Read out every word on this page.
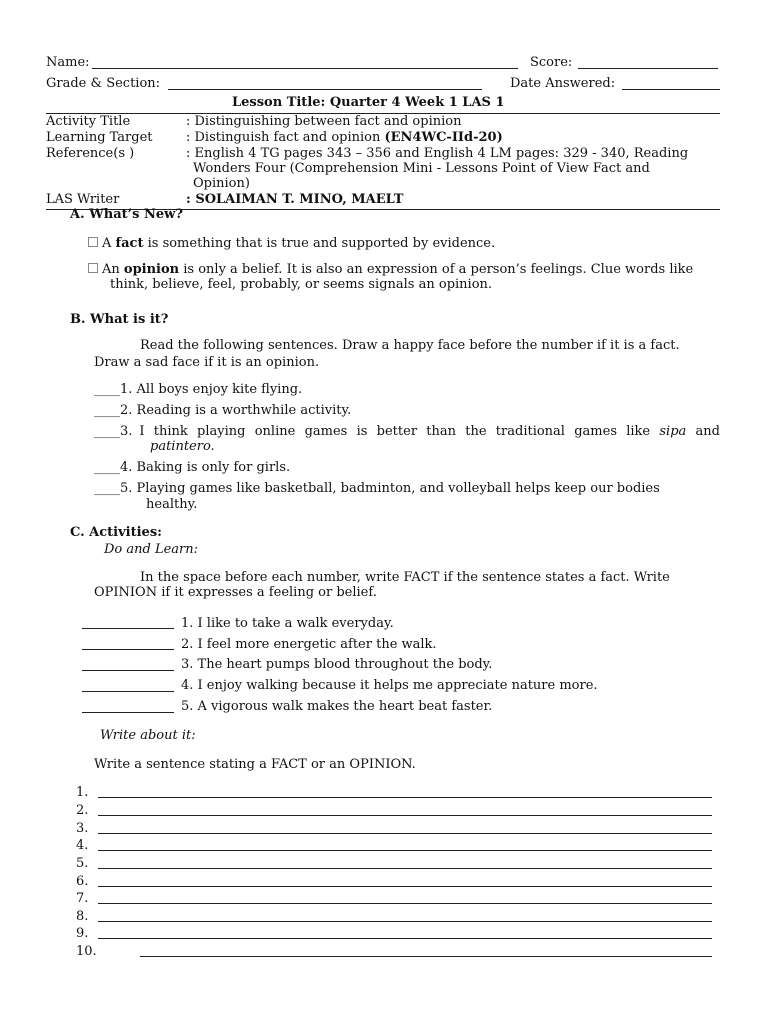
Name:	Score:
Grade & Section:	Date Answered:
Lesson Title: Quarter 4 Week 1 LAS 1
Activity Title	: Distinguishing between fact and opinion
Learning Target	: Distinguish fact and opinion (EN4WC-IId-20)
Reference(s )	: English 4 TG pages 343 – 356 and English 4 LM pages: 329 - 340, Reading
Wonders Four (Comprehension Mini - Lessons Point of View Fact and
Opinion)
LAS Writer	: SOLAIMAN T. MINO, MAELT
A. What’s New?
A fact is something that is true and supported by evidence.
An opinion is only a belief. It is also an expression of a person’s feelings. Clue words like
think, believe, feel, probably, or seems signals an opinion.
B. What is it?
Read the following sentences. Draw a happy face before the number if it is a fact.
Draw a sad face if it is an opinion.
____1. All boys enjoy kite flying.
____2. Reading is a worthwhile activity.
____3. I think playing online games is better than the traditional games like sipa and
patintero.
____4. Baking is only for girls.
____5. Playing games like basketball, badminton, and volleyball helps keep our bodies
healthy.
C. Activities:
Do and Learn:
In the space before each number, write FACT if the sentence states a fact. Write
OPINION if it expresses a feeling or belief.
1. I like to take a walk everyday.
2. I feel more energetic after the walk.
3. The heart pumps blood throughout the body.
4. I enjoy walking because it helps me appreciate nature more.
5. A vigorous walk makes the heart beat faster.
Write about it:
Write a sentence stating a FACT or an OPINION.
1.
2.
3.
4.
5.
6.
7.
8.
9.
10.
